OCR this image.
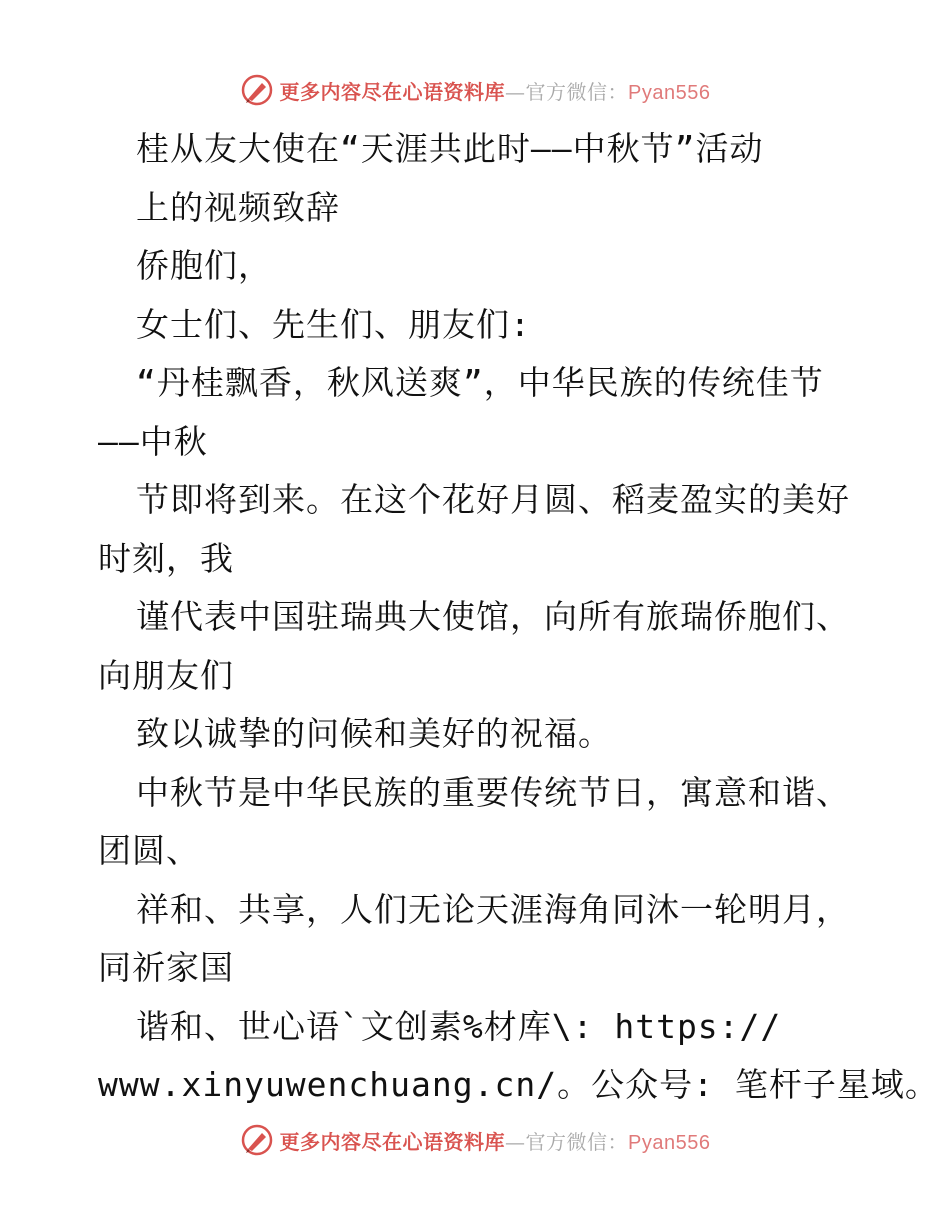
更多内容尽在心语资料库—官方微信：Pyan556
桂从友大使在“天涯共此时——中秋节”活动
上的视频致辞
侨胞们，
女士们、先生们、朋友们:
“丹桂飘香，秋风送爽”，中华民族的传统佳节
——中秋
节即将到来。在这个花好月圆、稻麦盈实的美好
时刻，我
谨代表中国驻瑞典大使馆，向所有旅瑞侨胞们、
向朋友们
致以诚挚的问候和美好的祝福。
中秋节是中华民族的重要传统节日，寓意和谐、
团圆、
祥和、共享，人们无论天涯海角同沐一轮明月，
同祈家国
谐和、世心语`文创素%材库\: https://
www.xinyuwenchuang.cn/。公众号: 笔杆子星域。
更多内容尽在心语资料库—官方微信：Pyan556
